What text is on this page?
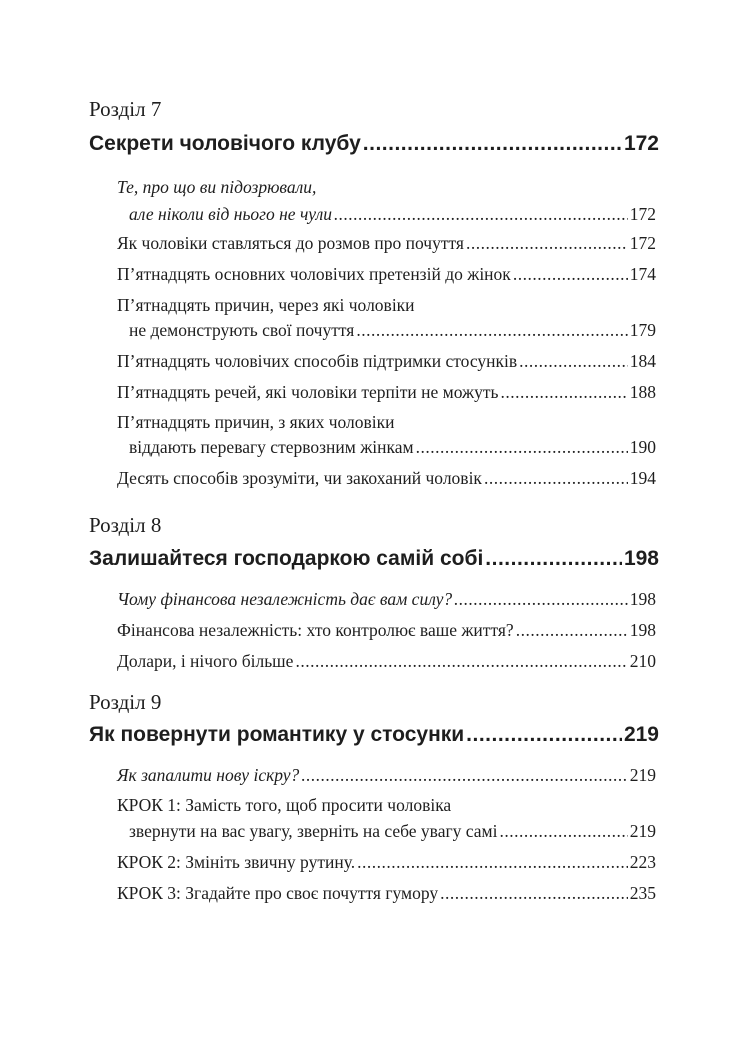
Розділ 7
Секрети чоловічого клубу .....	172
Те, про що ви підозрювали,
але ніколи від нього не чули .....	172
Як чоловіки ставляться до розмов про почуття .....	172
П’ятнадцять основних чоловічих претензій до жінок .....	174
П’ятнадцять причин, через які чоловіки
не демонструють свої почуття .....	179
П’ятнадцять чоловічих способів підтримки стосунків .....	184
П’ятнадцять речей, які чоловіки терпіти не можуть .....	188
П’ятнадцять причин, з яких чоловіки
віддають перевагу стервозним жінкам .....	190
Десять способів зрозуміти, чи закоханий чоловік .....	194
Розділ 8
Залишайтеся господаркою самій собі .....	198
Чому фінансова незалежність дає вам силу? .....	198
Фінансова незалежність: хто контролює ваше життя? .....	198
Долари, і нічого більше .....	210
Розділ 9
Як повернути романтику у стосунки .....	219
Як запалити нову іскру? .....	219
КРОК 1: Замість того, щоб просити чоловіка
звернути на вас увагу, зверніть на себе увагу самі .....	219
КРОК 2: Змініть звичну рутину. .....	223
КРОК 3: Згадайте про своє почуття гумору .....	235
